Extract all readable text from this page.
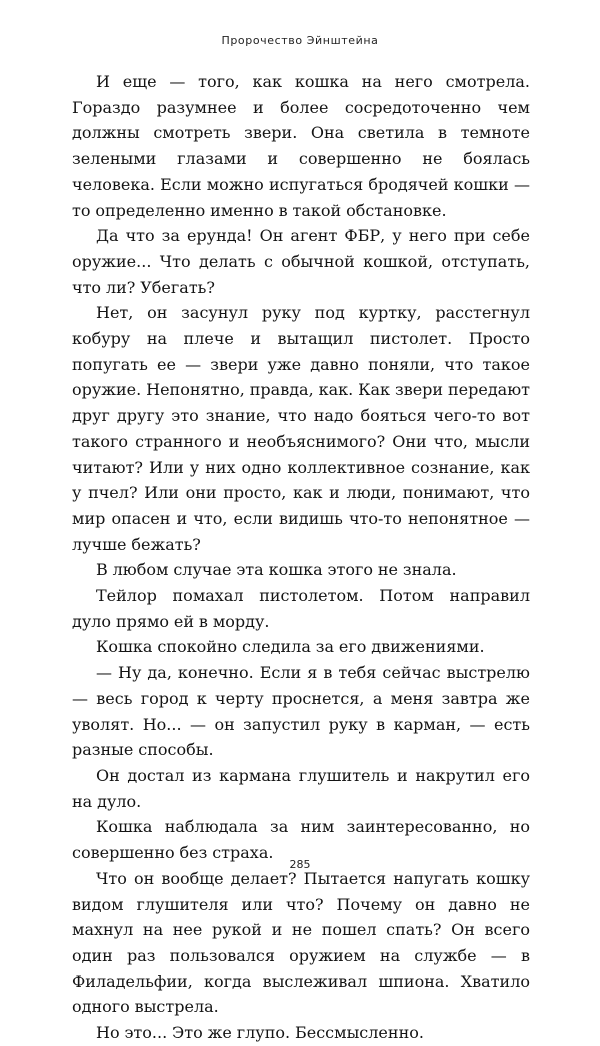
Пророчество Эйнштейна

И еще — того, как кошка на него смотрела. Гораздо разумнее и более сосредоточенно чем должны смотреть звери. Она светила в темноте зелеными глазами и совершенно не боялась человека. Если можно испугаться бродячей кошки — то определенно именно в такой обстановке.

Да что за ерунда! Он агент ФБР, у него при себе оружие... Что делать с обычной кошкой, отступать, что ли? Убегать?

Нет, он засунул руку под куртку, расстегнул кобуру на плече и вытащил пистолет. Просто попугать ее — звери уже давно поняли, что такое оружие. Непонятно, правда, как. Как звери передают друг другу это знание, что надо бояться чего-то вот такого странного и необъяснимого? Они что, мысли читают? Или у них одно коллективное сознание, как у пчел? Или они просто, как и люди, понимают, что мир опасен и что, если видишь что-то непонятное — лучше бежать?

В любом случае эта кошка этого не знала.

Тейлор помахал пистолетом. Потом направил дуло прямо ей в морду.

Кошка спокойно следила за его движениями.

— Ну да, конечно. Если я в тебя сейчас выстрелю — весь город к черту проснется, а меня завтра же уволят. Но... — он запустил руку в карман, — есть разные способы.

Он достал из кармана глушитель и накрутил его на дуло.

Кошка наблюдала за ним заинтересованно, но совершенно без страха.

Что он вообще делает? Пытается напугать кошку видом глушителя или что? Почему он давно не махнул на нее рукой и не пошел спать? Он всего один раз пользовался оружием на службе — в Филадельфии, когда выслеживал шпиона. Хватило одного выстрела.

Но это... Это же глупо. Бессмысленно.

285
